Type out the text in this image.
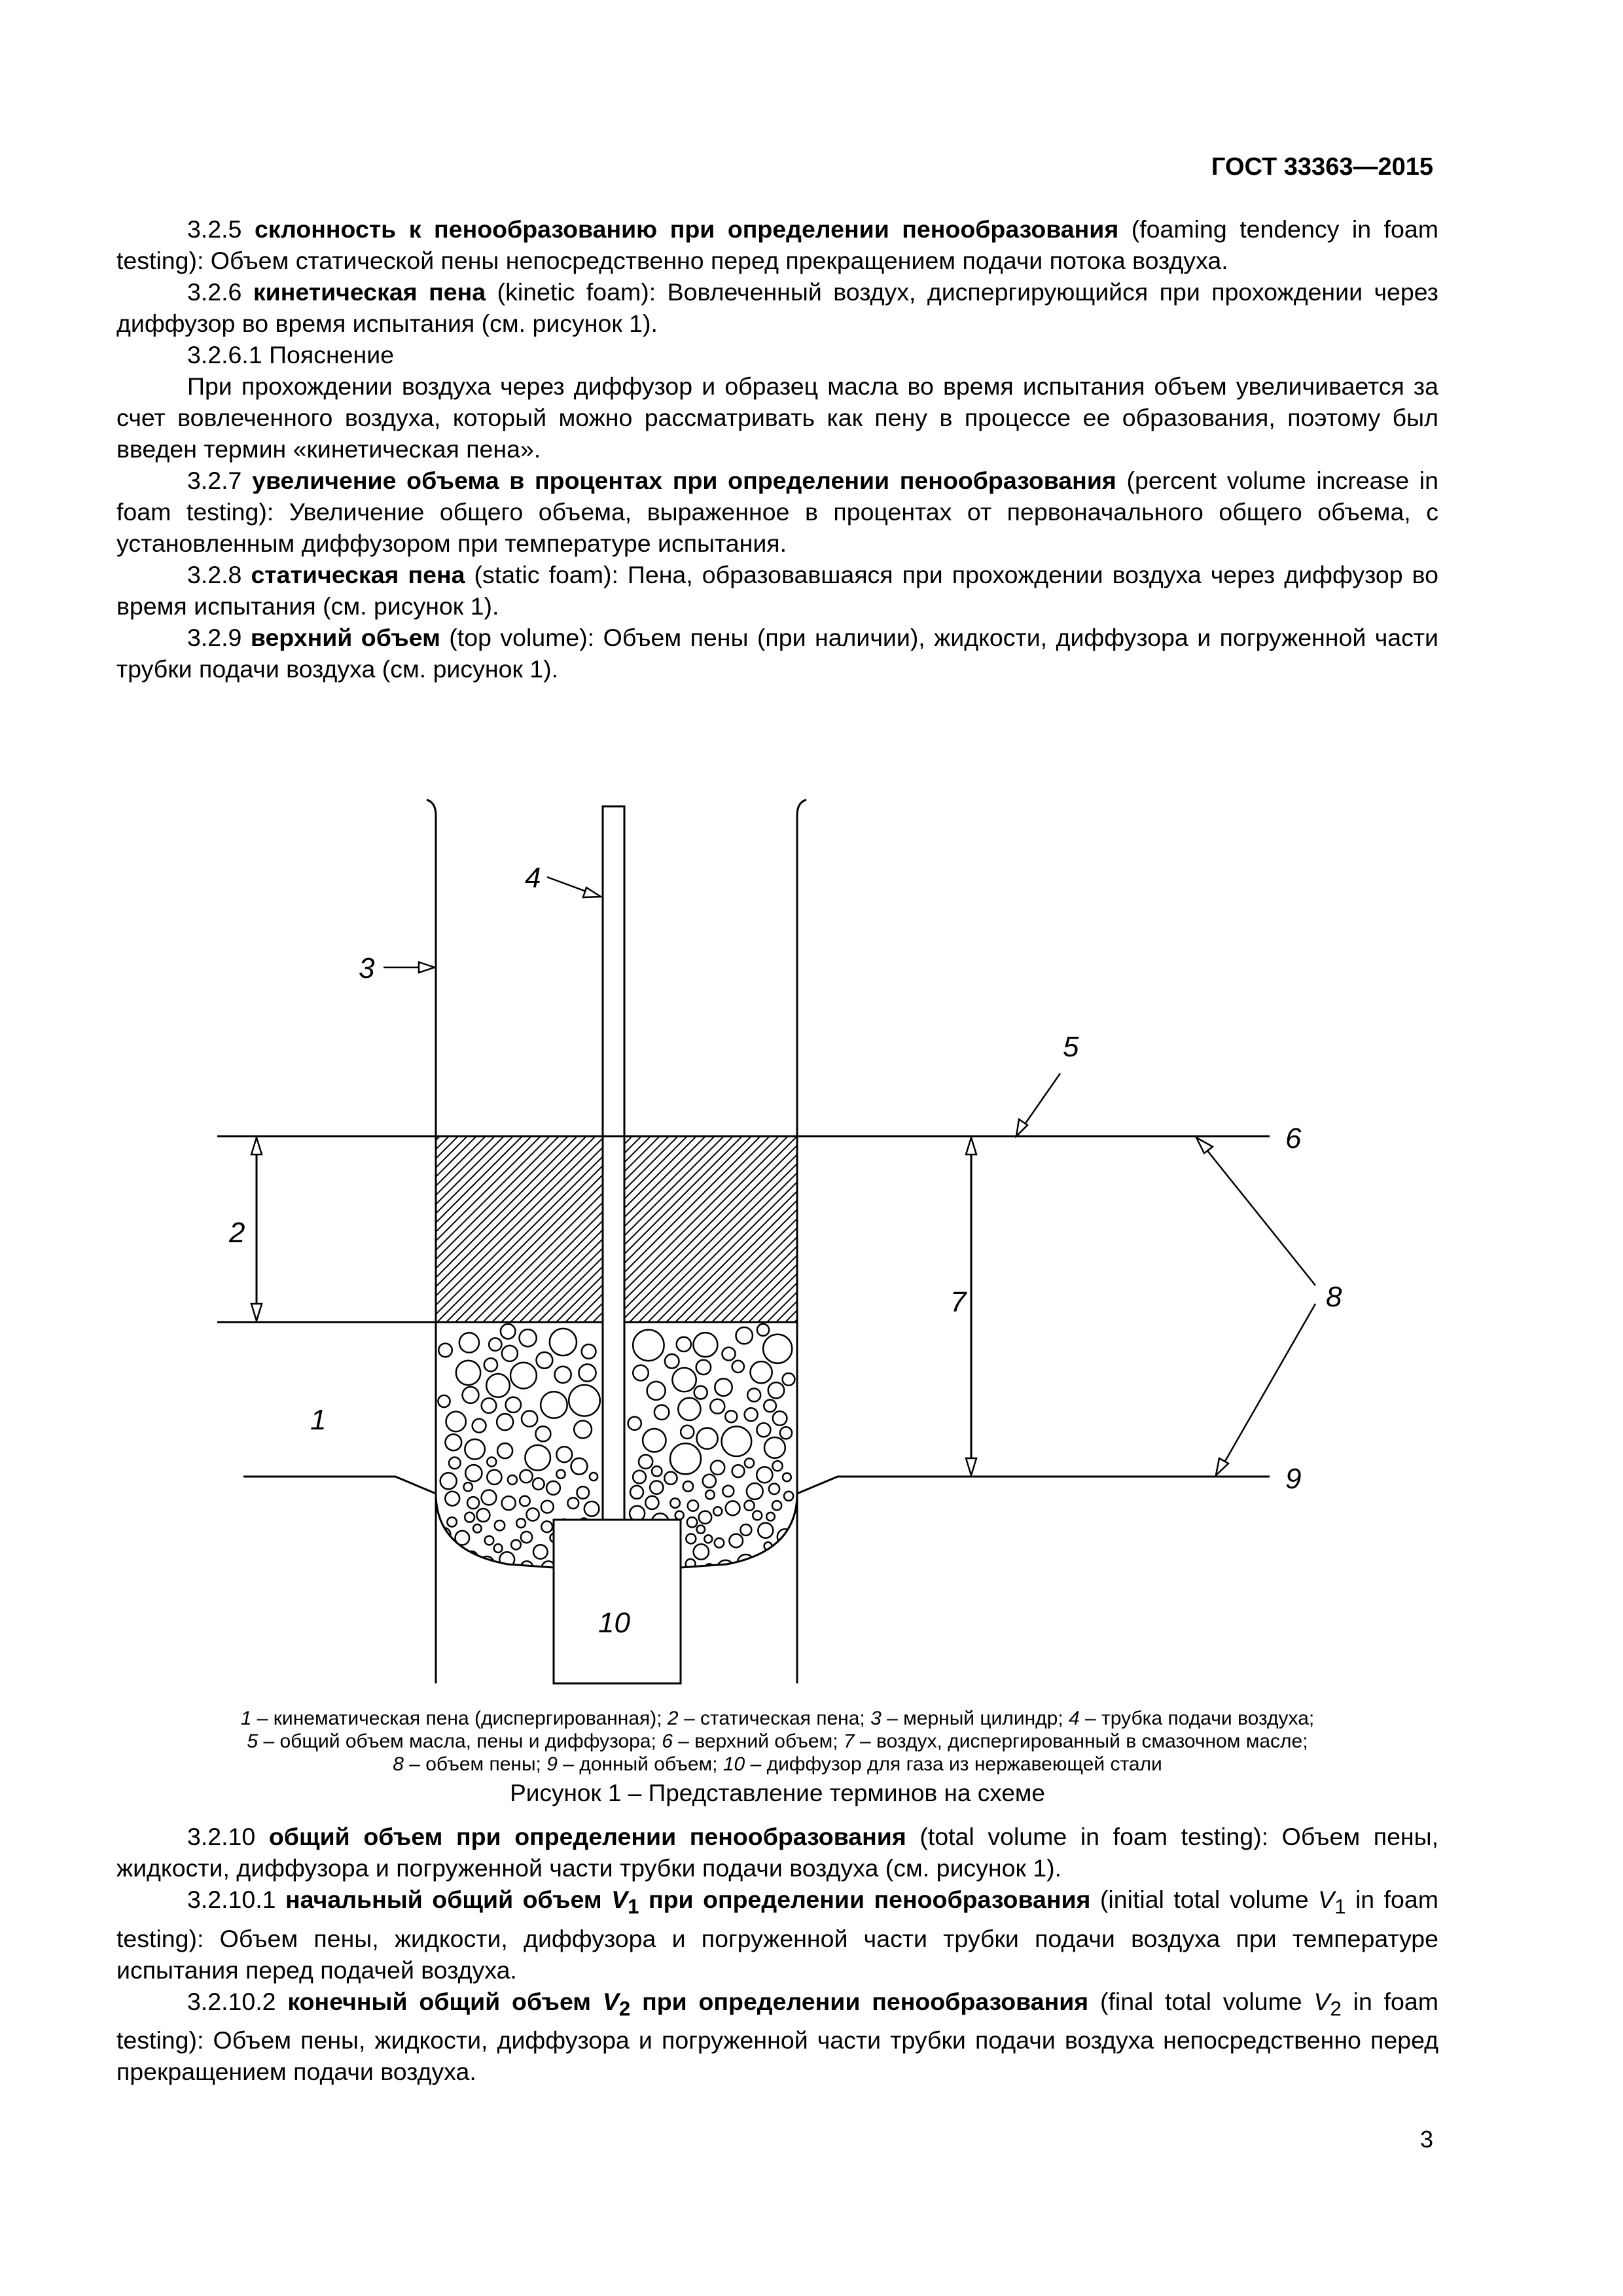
ГОСТ 33363—2015

3.2.5 склонность к пенообразованию при определении пенообразования (foaming tendency in foam testing): Объем статической пены непосредственно перед прекращением подачи потока воздуха.

3.2.6 кинетическая пена (kinetic foam): Вовлеченный воздух, диспергирующийся при прохождении через диффузор во время испытания (см. рисунок 1).

3.2.6.1 Пояснение

При прохождении воздуха через диффузор и образец масла во время испытания объем увеличивается за счет вовлеченного воздуха, который можно рассматривать как пену в процессе ее образования, поэтому был введен термин «кинетическая пена».

3.2.7 увеличение объема в процентах при определении пенообразования (percent volume increase in foam testing): Увеличение общего объема, выраженное в процентах от первоначального общего объема, с установленным диффузором при температуре испытания.

3.2.8 статическая пена (static foam): Пена, образовавшаяся при прохождении воздуха через диффузор во время испытания (см. рисунок 1).

3.2.9 верхний объем (top volume): Объем пены (при наличии), жидкости, диффузора и погруженной части трубки подачи воздуха (см. рисунок 1).

1
2
3
4
5
6
7	8
9
10

1 – кинематическая пена (диспергированная); 2 – статическая пена; 3 – мерный цилиндр; 4 – трубка подачи воздуха;

5 – общий объем масла, пены и диффузора; 6 – верхний объем; 7 – воздух, диспергированный в смазочном масле;

8 – объем пены; 9 – донный объем; 10 – диффузор для газа из нержавеющей стали

Рисунок 1 – Представление терминов на схеме

3.2.10 общий объем при определении пенообразования (total volume in foam testing): Объем пены, жидкости, диффузора и погруженной части трубки подачи воздуха (см. рисунок 1).

3.2.10.1 начальный общий объем $V_1$ при определении пенообразования (initial total volume $V_1$ in foam testing): Объем пены, жидкости, диффузора и погруженной части трубки подачи воздуха при температуре испытания перед подачей воздуха.

3.2.10.2 конечный общий объем $V_2$ при определении пенообразования (final total volume $V_2$ in foam testing): Объем пены, жидкости, диффузора и погруженной части трубки подачи воздуха непосредственно перед прекращением подачи воздуха.

3
